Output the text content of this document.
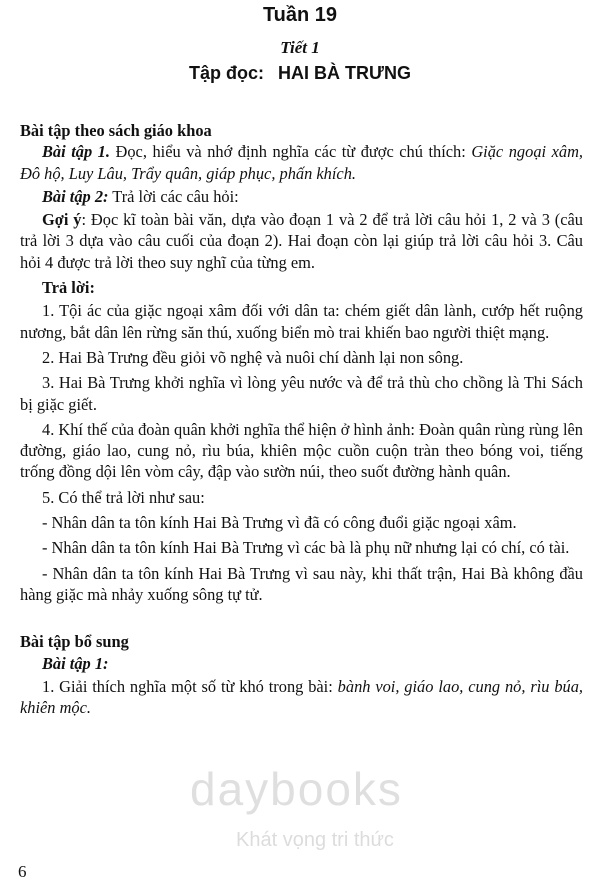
Tuần 19
Tiết 1
Tập đọc: HAI BÀ TRƯNG

Bài tập theo sách giáo khoa

Bài tập 1. Đọc, hiểu và nhớ định nghĩa các từ được chú thích: Giặc ngoại xâm, Đô hộ, Luy Lâu, Trẩy quân, giáp phục, phấn khích.

Bài tập 2: Trả lời các câu hỏi:

Gợi ý: Đọc kĩ toàn bài văn, dựa vào đoạn 1 và 2 để trả lời câu hỏi 1, 2 và 3 (câu trả lời 3 dựa vào câu cuối của đoạn 2). Hai đoạn còn lại giúp trả lời câu hỏi 3. Câu hỏi 4 được trả lời theo suy nghĩ của từng em.

Trả lời:

1. Tội ác của giặc ngoại xâm đối với dân ta: chém giết dân lành, cướp hết ruộng nương, bắt dân lên rừng săn thú, xuống biển mò trai khiến bao người thiệt mạng.

2. Hai Bà Trưng đều giỏi võ nghệ và nuôi chí dành lại non sông.

3. Hai Bà Trưng khởi nghĩa vì lòng yêu nước và để trả thù cho chồng là Thi Sách bị giặc giết.

4. Khí thế của đoàn quân khởi nghĩa thể hiện ở hình ảnh: Đoàn quân rùng rùng lên đường, giáo lao, cung nỏ, rìu búa, khiên mộc cuồn cuộn tràn theo bóng voi, tiếng trống đồng dội lên vòm cây, đập vào sườn núi, theo suốt đường hành quân.

5. Có thể trả lời như sau:

- Nhân dân ta tôn kính Hai Bà Trưng vì đã có công đuổi giặc ngoại xâm.

- Nhân dân ta tôn kính Hai Bà Trưng vì các bà là phụ nữ nhưng lại có chí, có tài.

- Nhân dân ta tôn kính Hai Bà Trưng vì sau này, khi thất trận, Hai Bà không đầu hàng giặc mà nhảy xuống sông tự tử.

Bài tập bổ sung

Bài tập 1:

1. Giải thích nghĩa một số từ khó trong bài: bành voi, giáo lao, cung nỏ, rìu búa, khiên mộc.

daybooks
Khát vọng tri thức
6
